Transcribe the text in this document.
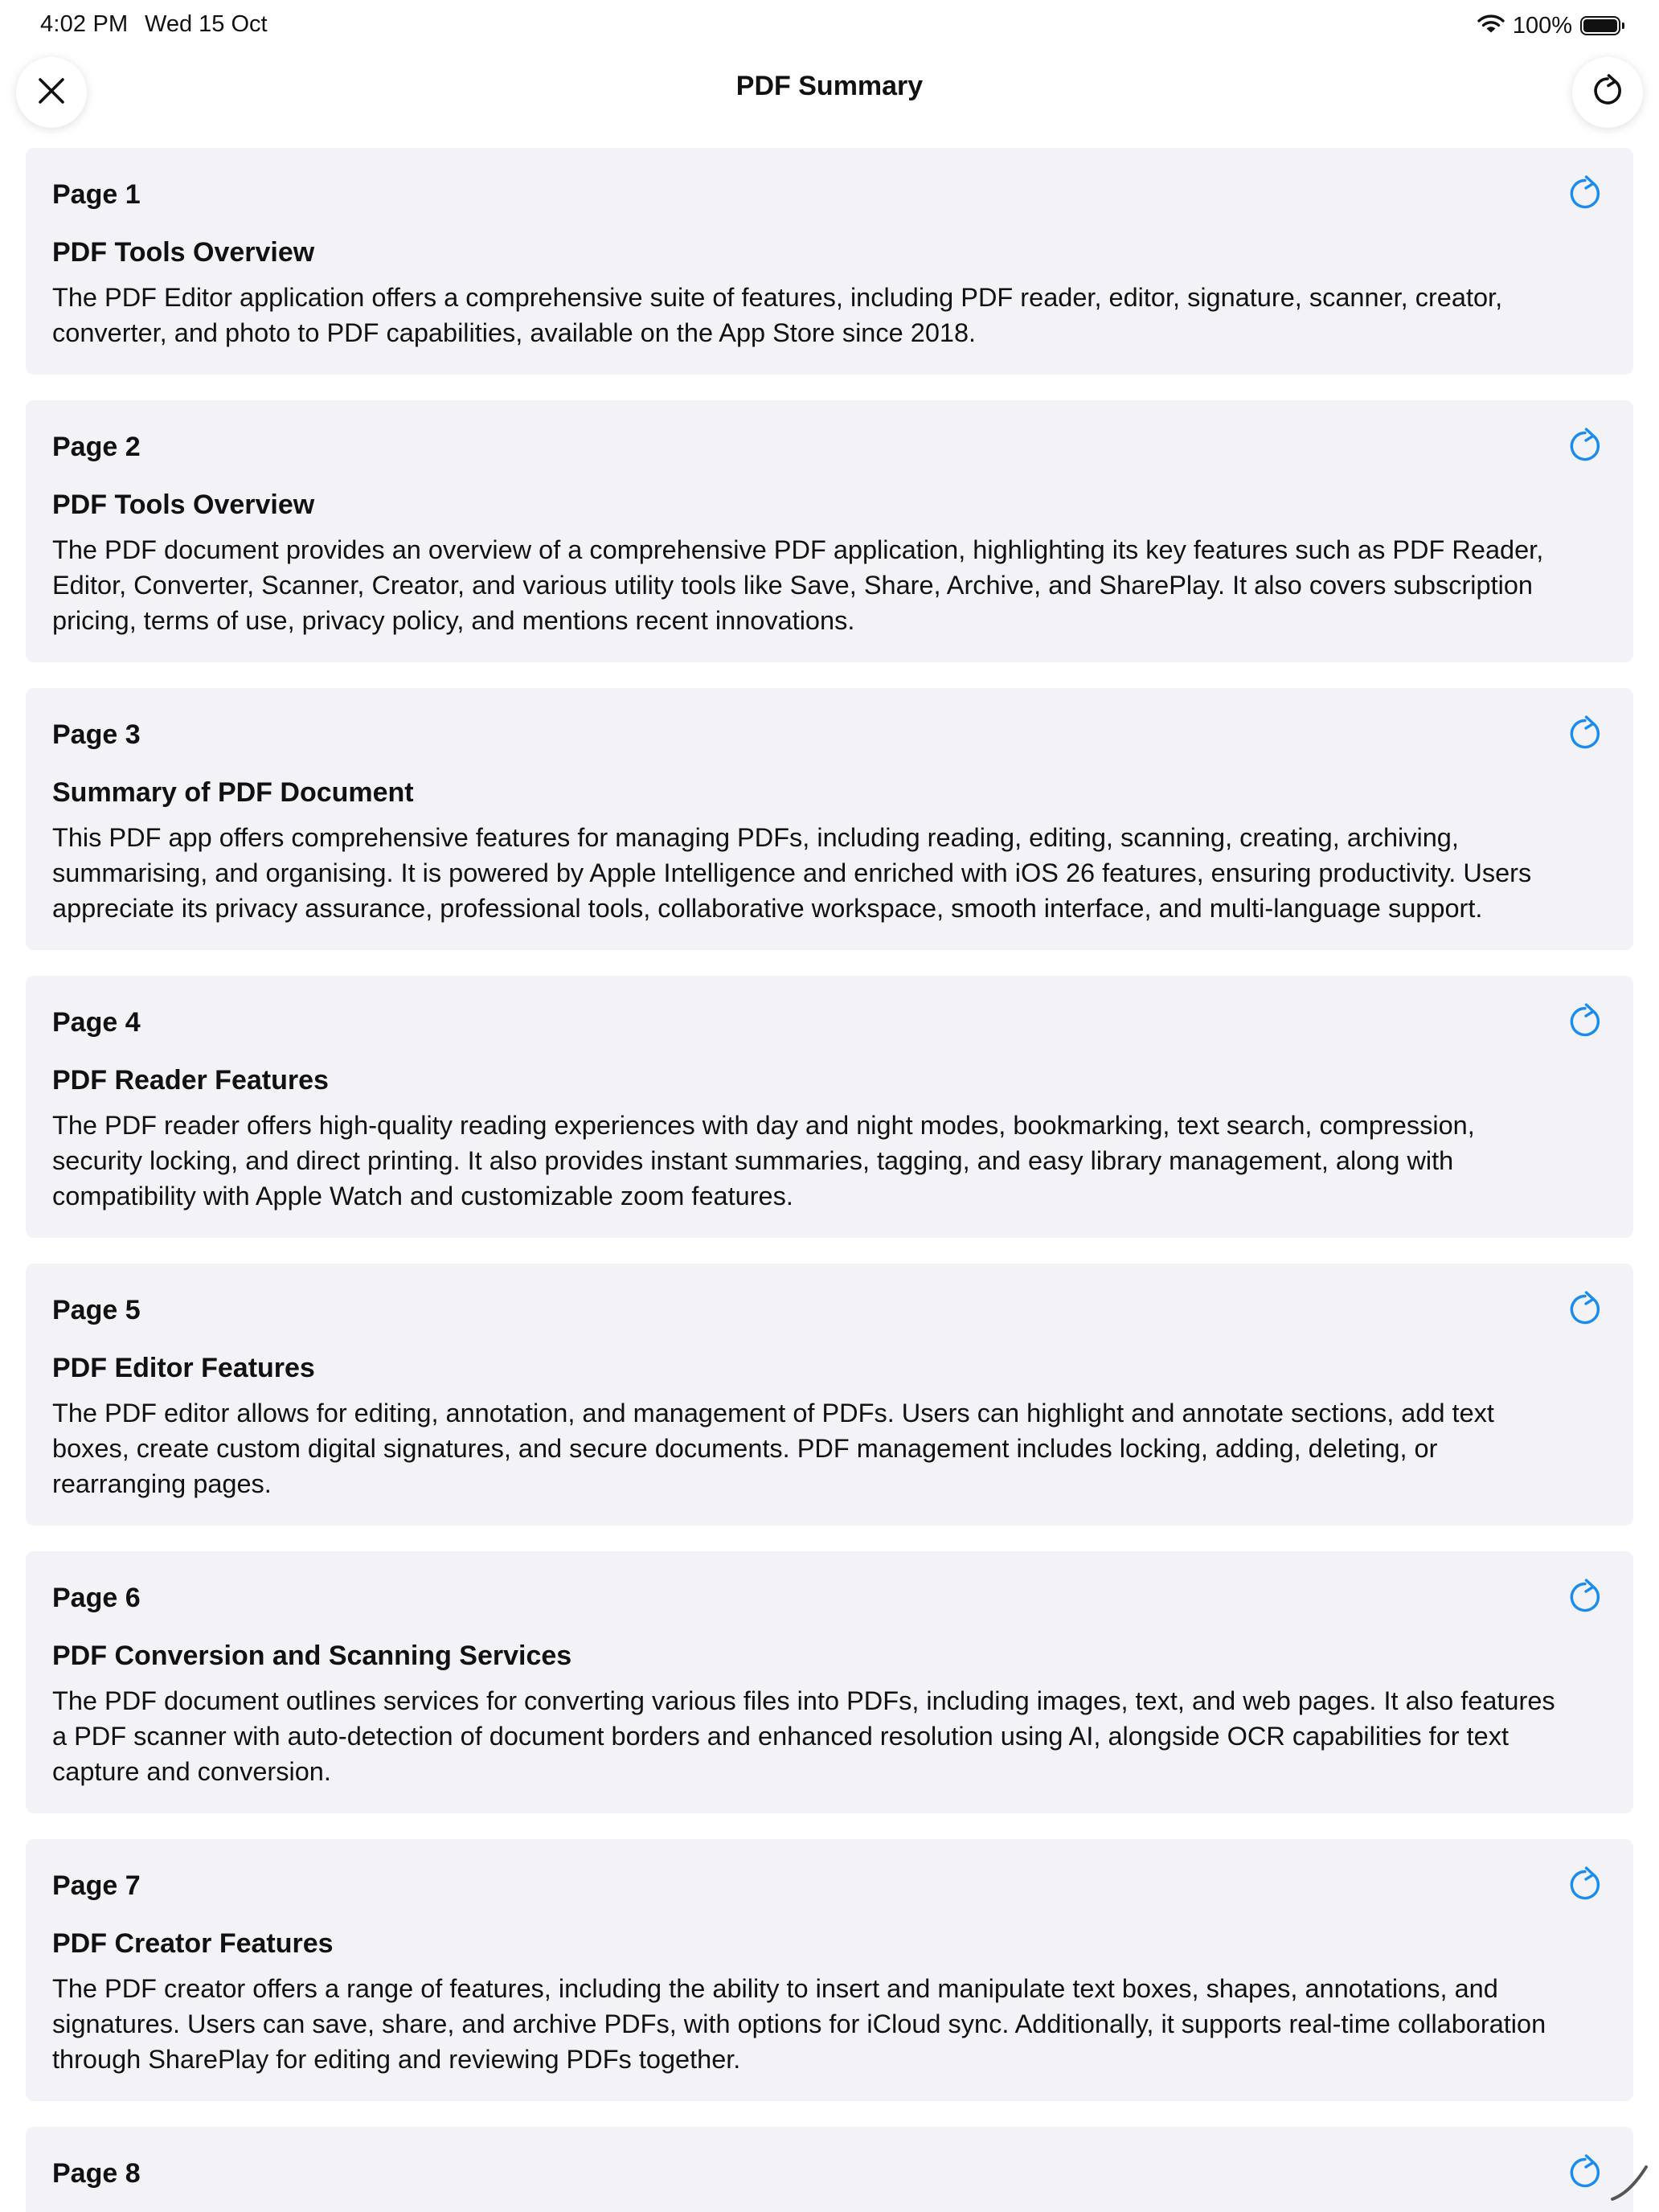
4:02 PM Wed 15 Oct	100%
PDF Summary
Page 1
PDF Tools Overview

The PDF Editor application offers a comprehensive suite of features, including PDF reader, editor, signature, scanner, creator, converter, and photo to PDF capabilities, available on the App Store since 2018.

Page 2
PDF Tools Overview

The PDF document provides an overview of a comprehensive PDF application, highlighting its key features such as PDF Reader, Editor, Converter, Scanner, Creator, and various utility tools like Save, Share, Archive, and SharePlay. It also covers subscription pricing, terms of use, privacy policy, and mentions recent innovations.

Page 3
Summary of PDF Document

This PDF app offers comprehensive features for managing PDFs, including reading, editing, scanning, creating, archiving, summarising, and organising. It is powered by Apple Intelligence and enriched with iOS 26 features, ensuring productivity. Users appreciate its privacy assurance, professional tools, collaborative workspace, smooth interface, and multi-language support.

Page 4
PDF Reader Features

The PDF reader offers high-quality reading experiences with day and night modes, bookmarking, text search, compression, security locking, and direct printing. It also provides instant summaries, tagging, and easy library management, along with compatibility with Apple Watch and customizable zoom features.

Page 5
PDF Editor Features

The PDF editor allows for editing, annotation, and management of PDFs. Users can highlight and annotate sections, add text boxes, create custom digital signatures, and secure documents. PDF management includes locking, adding, deleting, or rearranging pages.

Page 6
PDF Conversion and Scanning Services

The PDF document outlines services for converting various files into PDFs, including images, text, and web pages. It also features a PDF scanner with auto-detection of document borders and enhanced resolution using AI, alongside OCR capabilities for text capture and conversion.

Page 7
PDF Creator Features

The PDF creator offers a range of features, including the ability to insert and manipulate text boxes, shapes, annotations, and signatures. Users can save, share, and archive PDFs, with options for iCloud sync. Additionally, it supports real-time collaboration through SharePlay for editing and reviewing PDFs together.

Page 8
